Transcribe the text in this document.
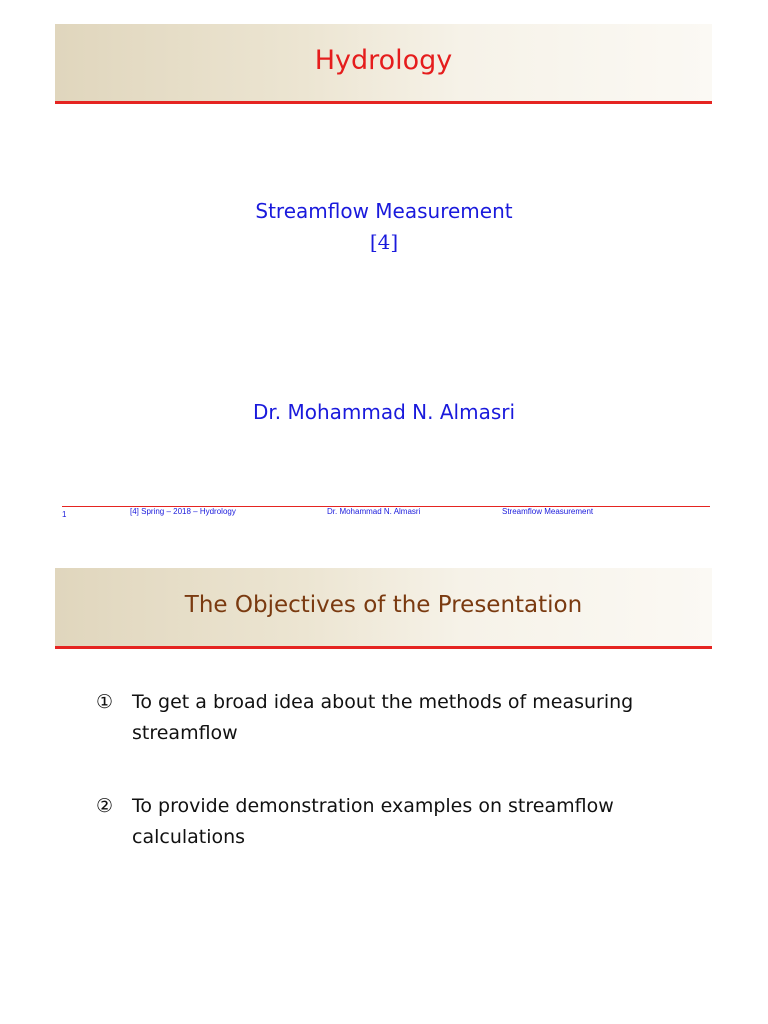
Hydrology
Streamflow Measurement
[4]
Dr. Mohammad N. Almasri
1	[4] Spring – 2018 – Hydrology	Dr. Mohammad N. Almasri	Streamflow Measurement
The Objectives of the Presentation
① To get a broad idea about the methods of measuring streamflow
② To provide demonstration examples on streamflow calculations
